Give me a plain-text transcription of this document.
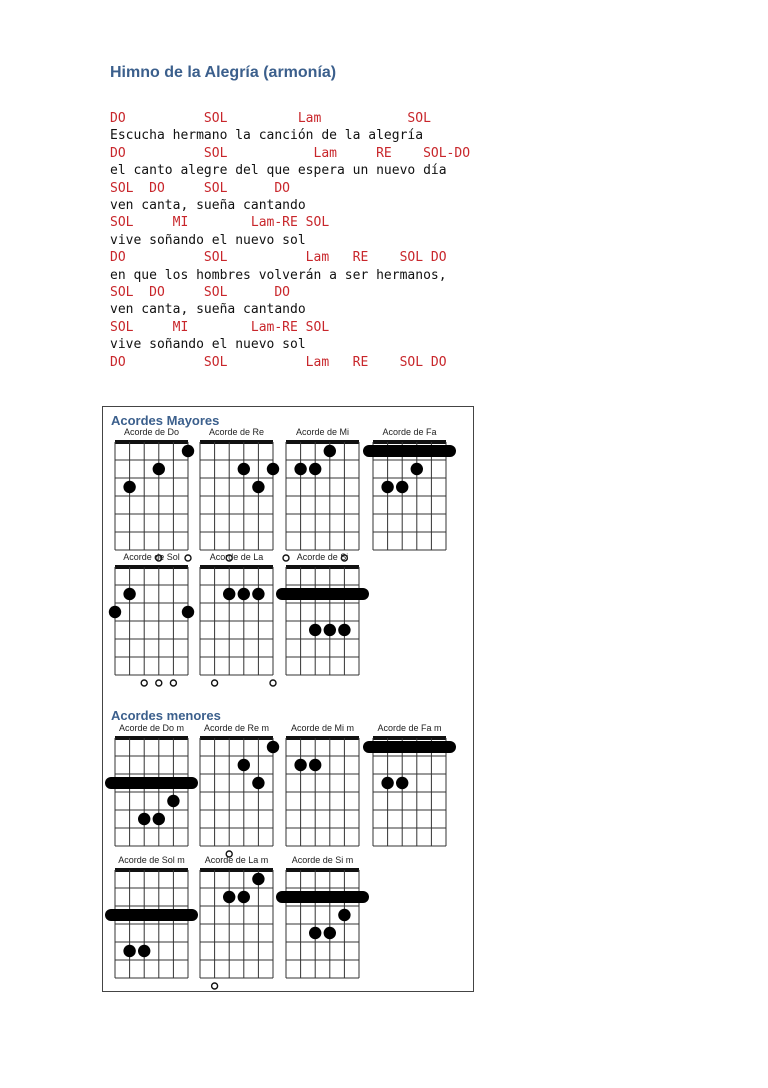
Himno de la Alegría (armonía)
DO          SOL         Lam           SOL
Escucha hermano la canción de la alegría
DO          SOL           Lam     RE    SOL-DO
el canto alegre del que espera un nuevo día
SOL  DO     SOL      DO
ven canta, sueña cantando
SOL     MI        Lam-RE SOL
vive soñando el nuevo sol
DO          SOL          Lam   RE    SOL DO
en que los hombres volverán a ser hermanos,
SOL  DO     SOL      DO
ven canta, sueña cantando
SOL     MI        Lam-RE SOL
vive soñando el nuevo sol
DO          SOL          Lam   RE    SOL DO
Acordes Mayores
Acordes menores
Acorde de Do	Acorde de Re	Acorde de Mi	Acorde de Fa
Acorde de Sol	Acorde de La	Acorde de Si
Acorde de Do m Acorde de Re m Acorde de Mi m	Acorde de Fa m
Acorde de Sol m Acorde de La m	Acorde de Si m
